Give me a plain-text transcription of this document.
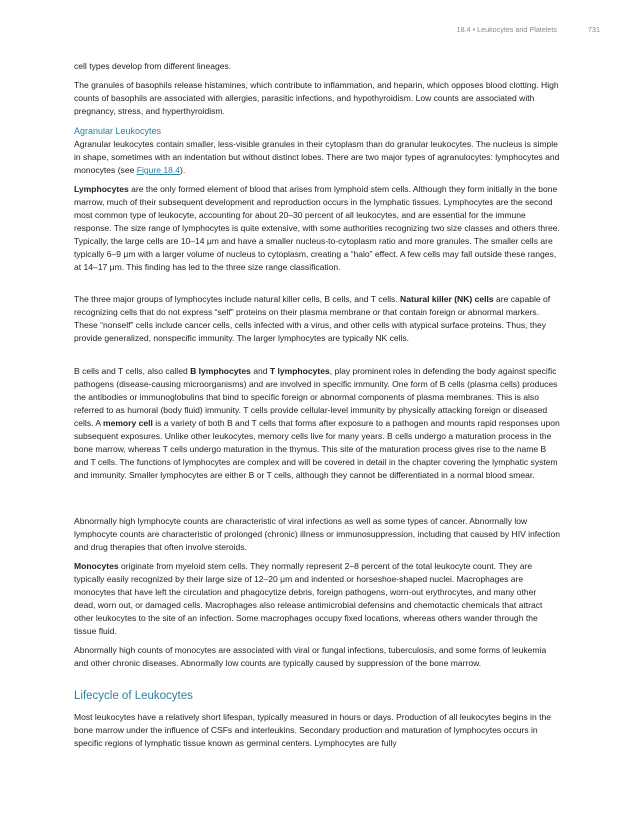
18.4 • Leukocytes and Platelets	731

cell types develop from different lineages.

The granules of basophils release histamines, which contribute to inflammation, and heparin, which opposes blood clotting. High counts of basophils are associated with allergies, parasitic infections, and hypothyroidism. Low counts are associated with pregnancy, stress, and hyperthyroidism.

Agranular Leukocytes

Agranular leukocytes contain smaller, less-visible granules in their cytoplasm than do granular leukocytes. The nucleus is simple in shape, sometimes with an indentation but without distinct lobes. There are two major types of agranulocytes: lymphocytes and monocytes (see Figure 18.4).

Lymphocytes are the only formed element of blood that arises from lymphoid stem cells. Although they form initially in the bone marrow, much of their subsequent development and reproduction occurs in the lymphatic tissues. Lymphocytes are the second most common type of leukocyte, accounting for about 20–30 percent of all leukocytes, and are essential for the immune response. The size range of lymphocytes is quite extensive, with some authorities recognizing two size classes and others three. Typically, the large cells are 10–14 μm and have a smaller nucleus-to-cytoplasm ratio and more granules. The smaller cells are typically 6–9 μm with a larger volume of nucleus to cytoplasm, creating a “halo” effect. A few cells may fall outside these ranges, at 14–17 μm. This finding has led to the three size range classification.

The three major groups of lymphocytes include natural killer cells, B cells, and T cells. Natural killer (NK) cells are capable of recognizing cells that do not express “self” proteins on their plasma membrane or that contain foreign or abnormal markers. These “nonself” cells include cancer cells, cells infected with a virus, and other cells with atypical surface proteins. Thus, they provide generalized, nonspecific immunity. The larger lymphocytes are typically NK cells.

B cells and T cells, also called B lymphocytes and T lymphocytes, play prominent roles in defending the body against specific pathogens (disease-causing microorganisms) and are involved in specific immunity. One form of B cells (plasma cells) produces the antibodies or immunoglobulins that bind to specific foreign or abnormal components of plasma membranes. This is also referred to as humoral (body fluid) immunity. T cells provide cellular-level immunity by physically attacking foreign or diseased cells. A memory cell is a variety of both B and T cells that forms after exposure to a pathogen and mounts rapid responses upon subsequent exposures. Unlike other leukocytes, memory cells live for many years. B cells undergo a maturation process in the bone marrow, whereas T cells undergo maturation in the thymus. This site of the maturation process gives rise to the name B and T cells. The functions of lymphocytes are complex and will be covered in detail in the chapter covering the lymphatic system and immunity. Smaller lymphocytes are either B or T cells, although they cannot be differentiated in a normal blood smear.

Abnormally high lymphocyte counts are characteristic of viral infections as well as some types of cancer. Abnormally low lymphocyte counts are characteristic of prolonged (chronic) illness or immunosuppression, including that caused by HIV infection and drug therapies that often involve steroids.

Monocytes originate from myeloid stem cells. They normally represent 2–8 percent of the total leukocyte count. They are typically easily recognized by their large size of 12–20 μm and indented or horseshoe-shaped nuclei. Macrophages are monocytes that have left the circulation and phagocytize debris, foreign pathogens, worn-out erythrocytes, and many other dead, worn out, or damaged cells. Macrophages also release antimicrobial defensins and chemotactic chemicals that attract other leukocytes to the site of an infection. Some macrophages occupy fixed locations, whereas others wander through the tissue fluid.

Abnormally high counts of monocytes are associated with viral or fungal infections, tuberculosis, and some forms of leukemia and other chronic diseases. Abnormally low counts are typically caused by suppression of the bone marrow.

Lifecycle of Leukocytes

Most leukocytes have a relatively short lifespan, typically measured in hours or days. Production of all leukocytes begins in the bone marrow under the influence of CSFs and interleukins. Secondary production and maturation of lymphocytes occurs in specific regions of lymphatic tissue known as germinal centers. Lymphocytes are fully
